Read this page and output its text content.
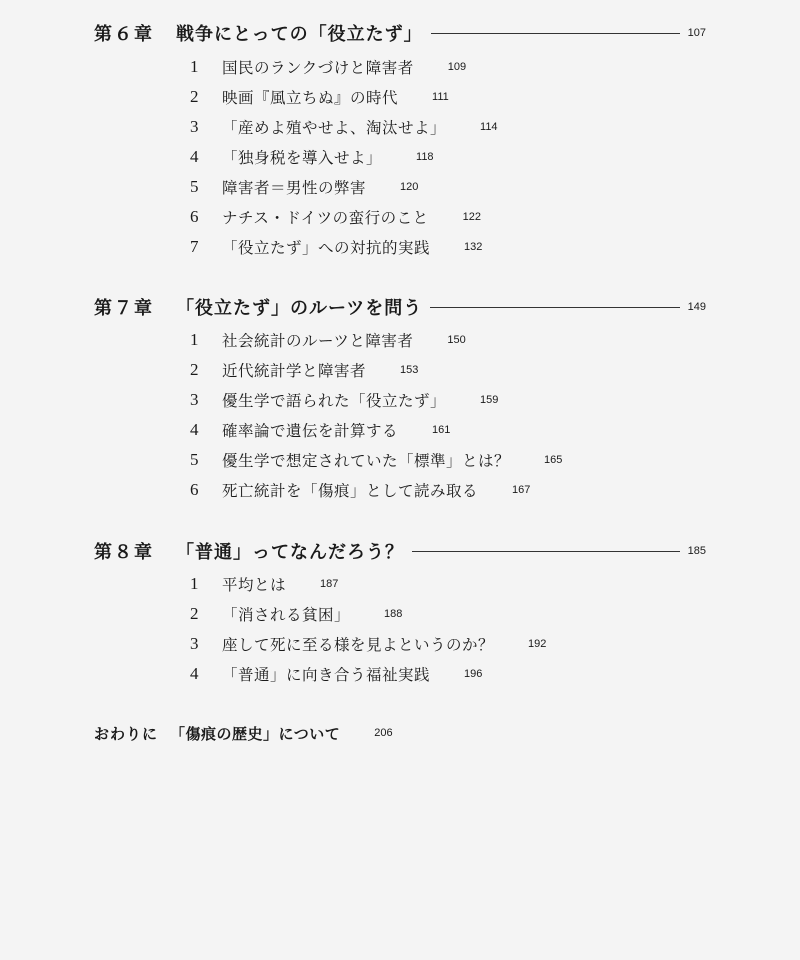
第６章 戦争にとっての「役立たず」	107
1	国民のランクづけと障害者	109
2	映画『風立ちぬ』の時代	111
3	「産めよ殖やせよ、淘汰せよ」	114
4	「独身税を導入せよ」	118
5	障害者＝男性の弊害	120
6	ナチス・ドイツの蛮行のこと	122
7	「役立たず」への対抗的実践	132
第７章 「役立たず」のルーツを問う	149
1	社会統計のルーツと障害者	150
2	近代統計学と障害者	153
3	優生学で語られた「役立たず」	159
4	確率論で遺伝を計算する	161
5	優生学で想定されていた「標準」とは？	165
6	死亡統計を「傷痕」として読み取る	167
第８章 「普通」ってなんだろう？	185
1	平均とは	187
2	「消される貧困」	188
3	座して死に至る様を見よというのか？	192
4	「普通」に向き合う福祉実践	196
おわりに 「傷痕の歴史」について	206
